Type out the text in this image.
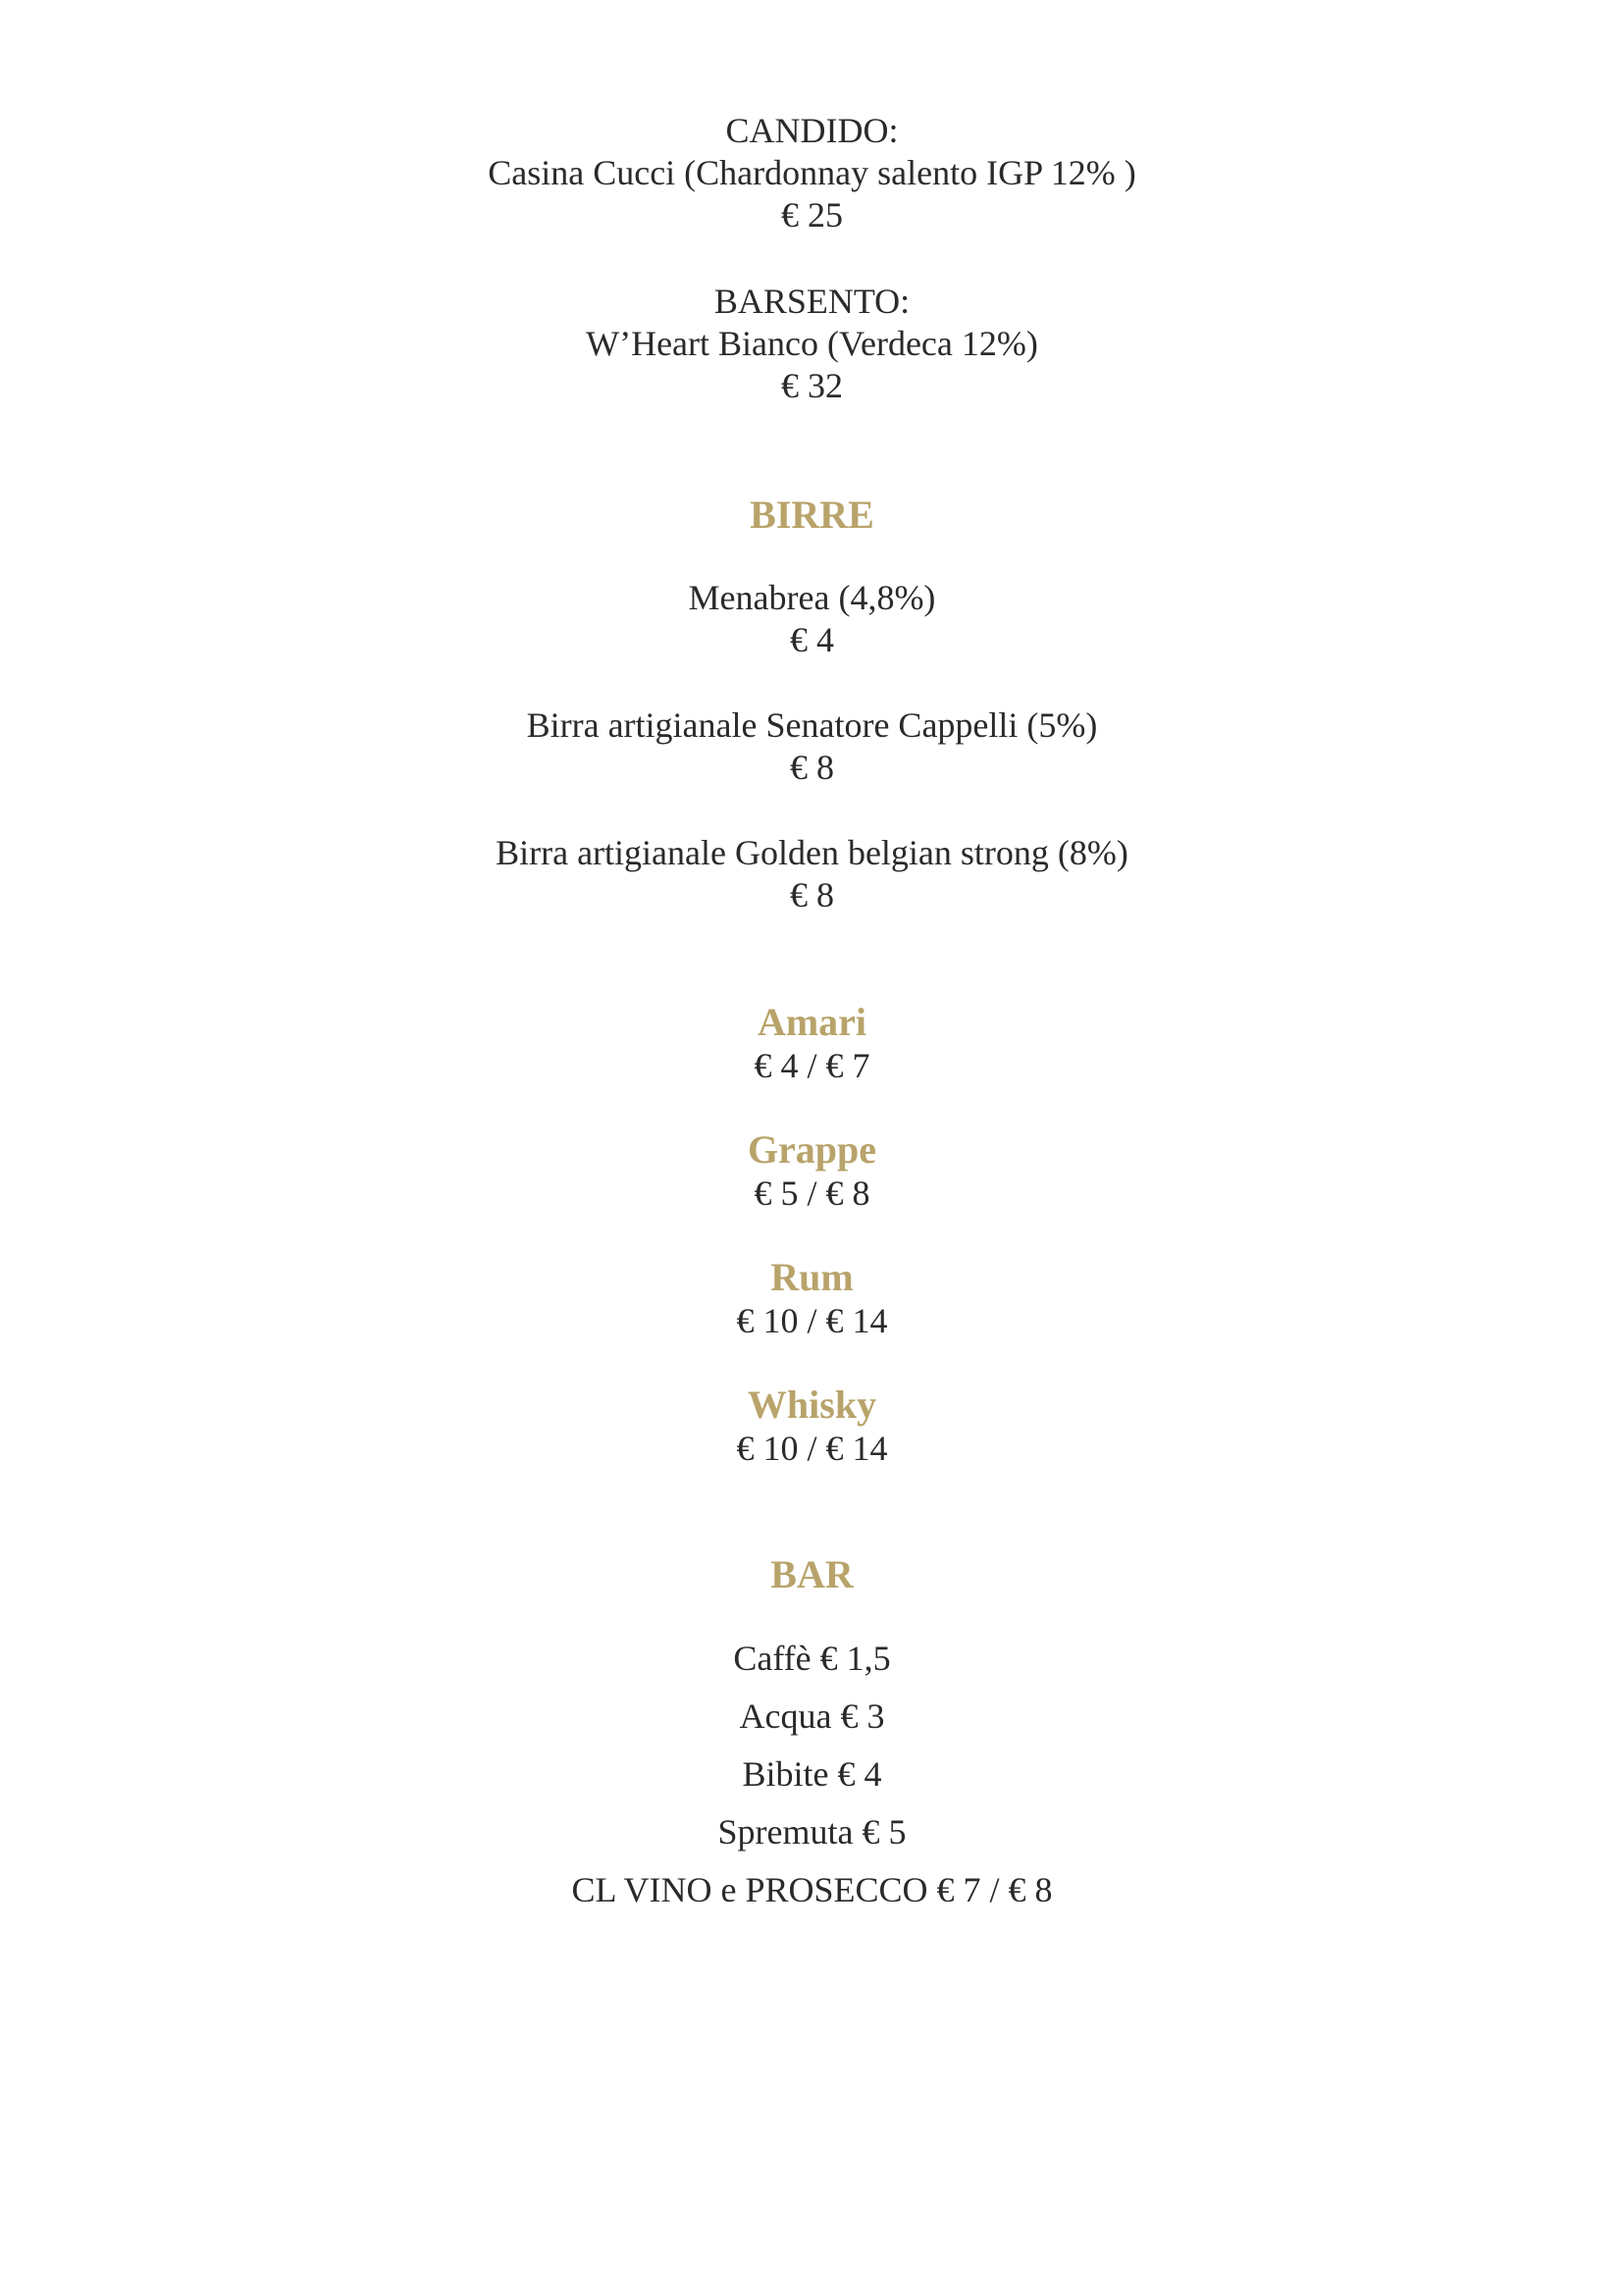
CANDIDO:
Casina Cucci (Chardonnay salento IGP 12% )
€ 25
BARSENTO:
W’Heart Bianco (Verdeca 12%)
€ 32
BIRRE
Menabrea (4,8%)
€ 4
Birra artigianale Senatore Cappelli (5%)
€ 8
Birra artigianale Golden belgian strong (8%)
€ 8
Amari
€ 4 / € 7
Grappe
€ 5 / € 8
Rum
€ 10 / € 14
Whisky
€ 10 / € 14
BAR
Caffè € 1,5
Acqua € 3
Bibite € 4
Spremuta € 5
CL VINO e PROSECCO € 7 / € 8
